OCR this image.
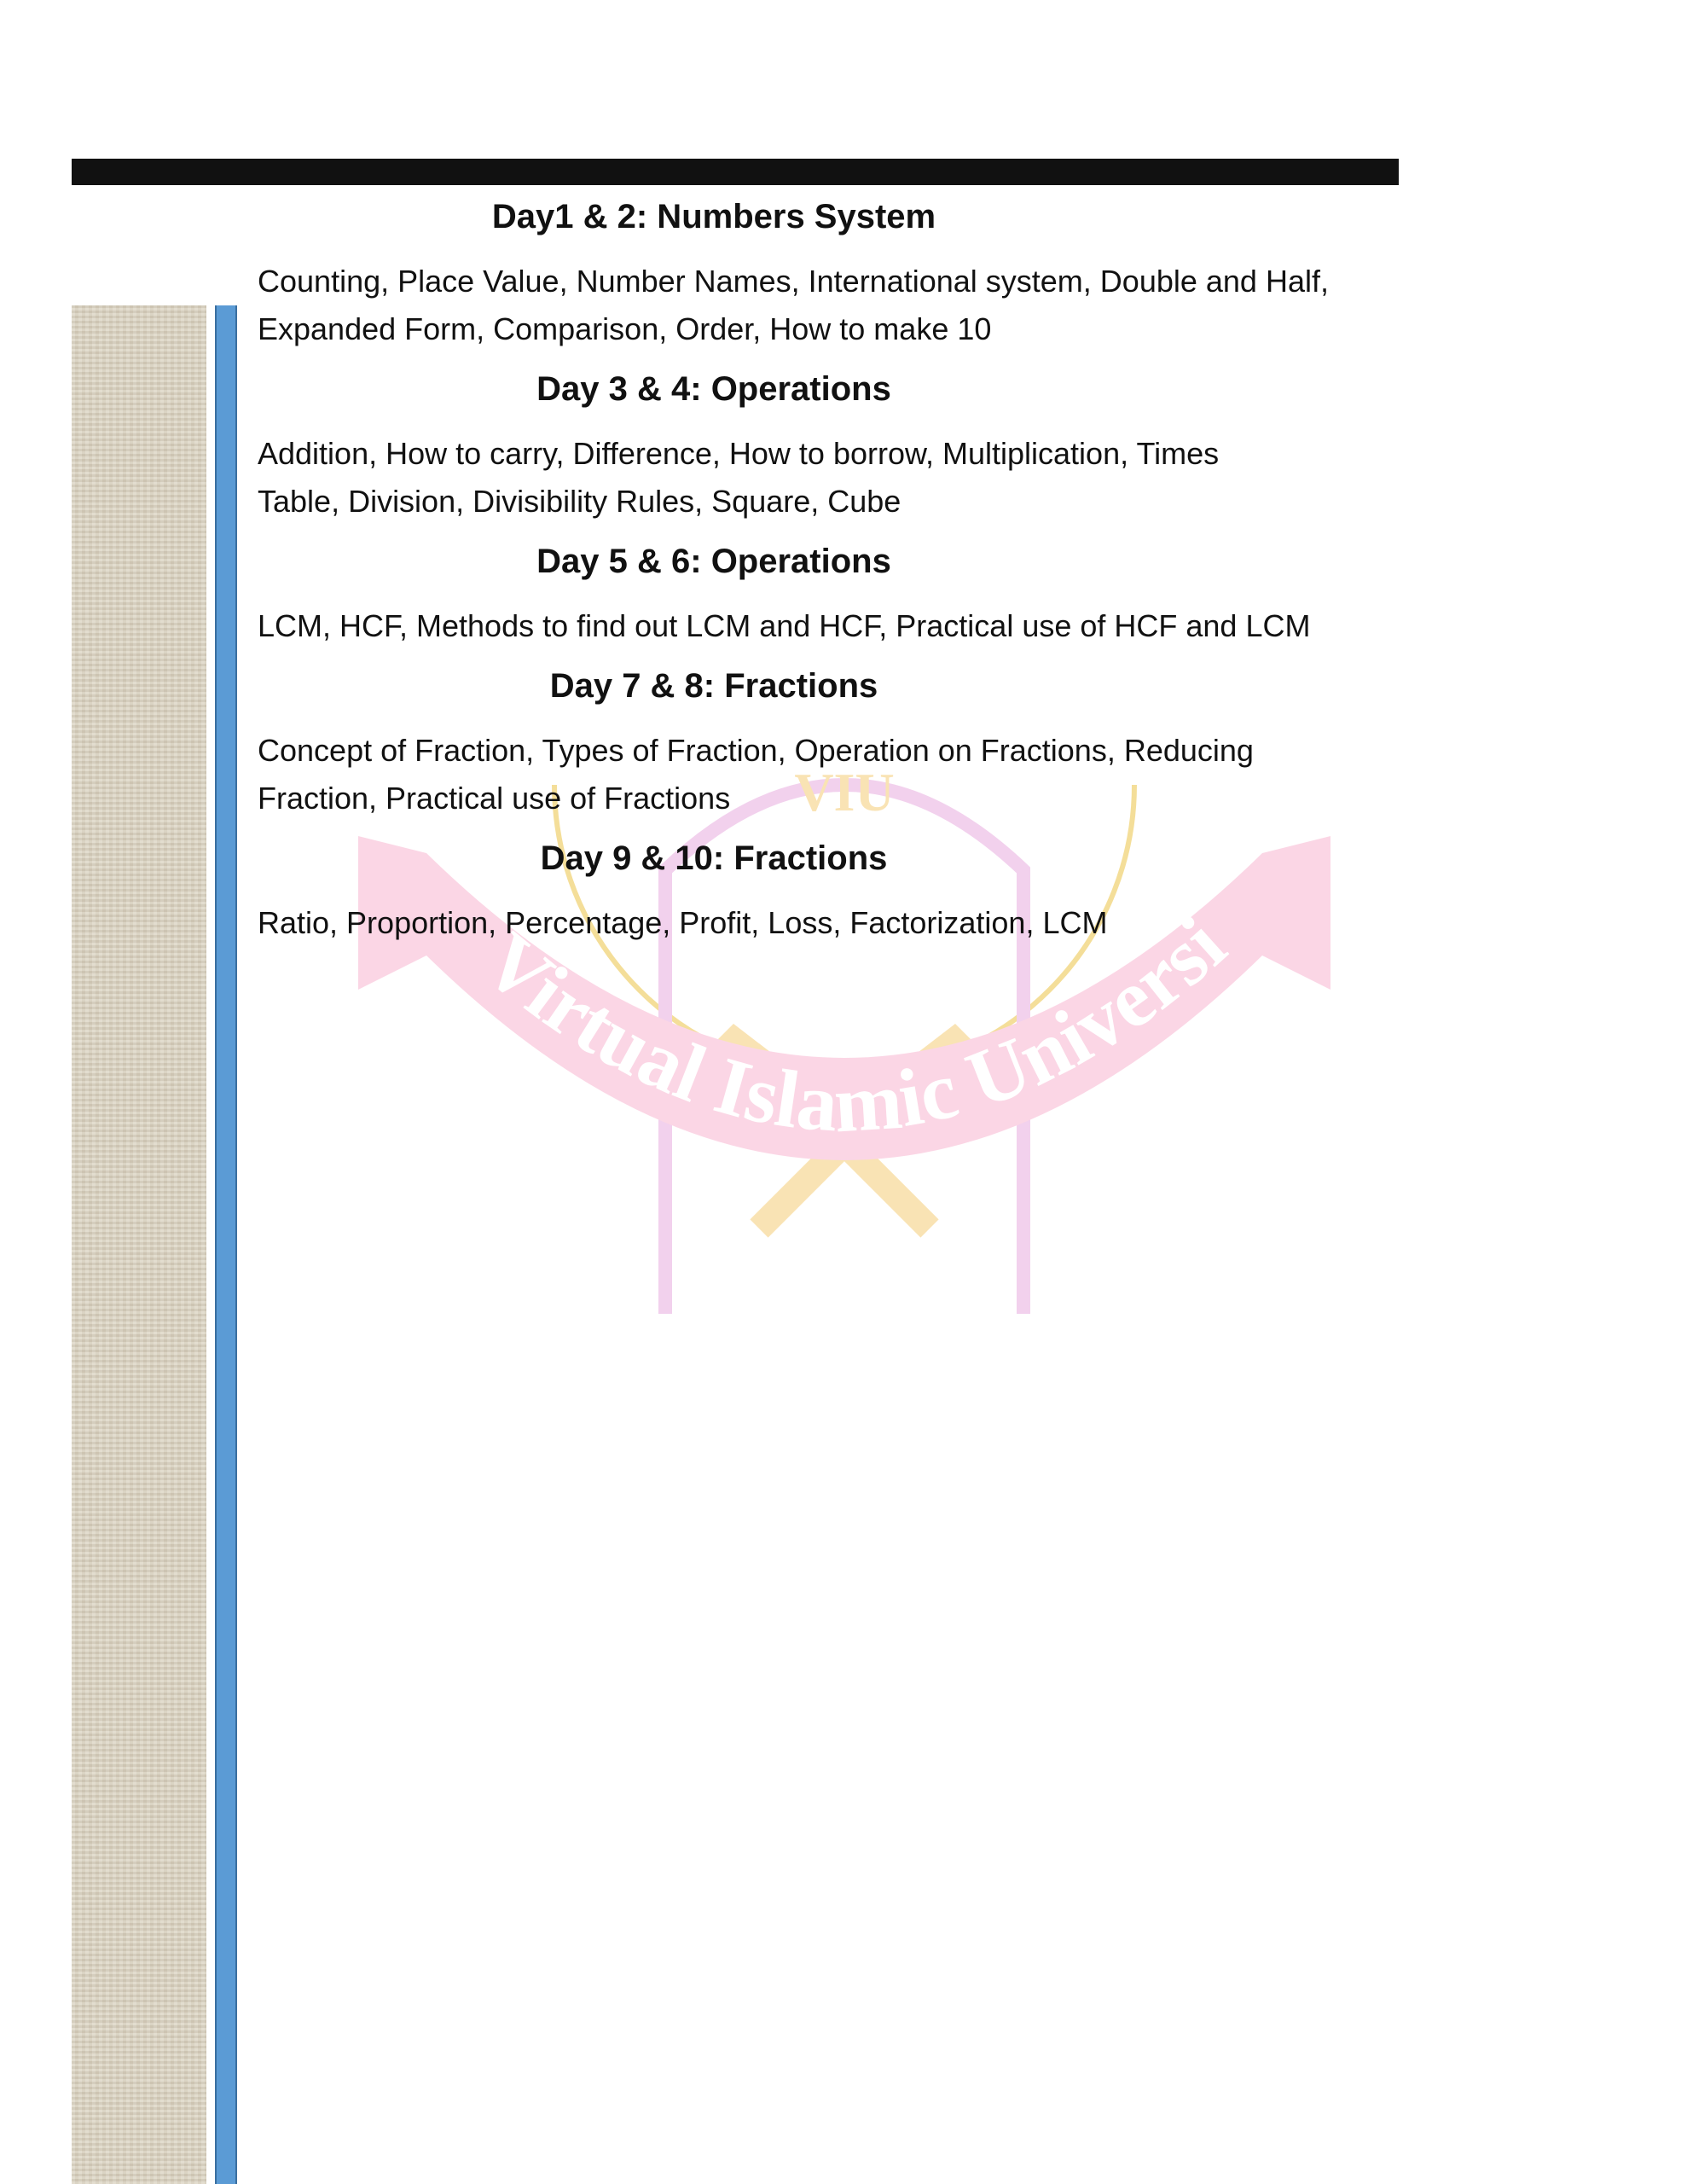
Virtual Islamic Universi
VIU
Day1 & 2: Numbers System
Counting, Place Value, Number Names, International system, Double and Half,
Expanded Form, Comparison, Order, How to make 10
Day 3 & 4: Operations
Addition, How to carry, Difference, How to borrow, Multiplication, Times
Table, Division, Divisibility Rules, Square, Cube
Day 5 & 6: Operations
LCM, HCF, Methods to find out LCM and HCF, Practical use of HCF and LCM
Day 7 & 8: Fractions
Concept of Fraction, Types of Fraction, Operation on Fractions, Reducing
Fraction, Practical use of Fractions
Day 9 & 10: Fractions
Ratio, Proportion, Percentage, Profit, Loss, Factorization, LCM
